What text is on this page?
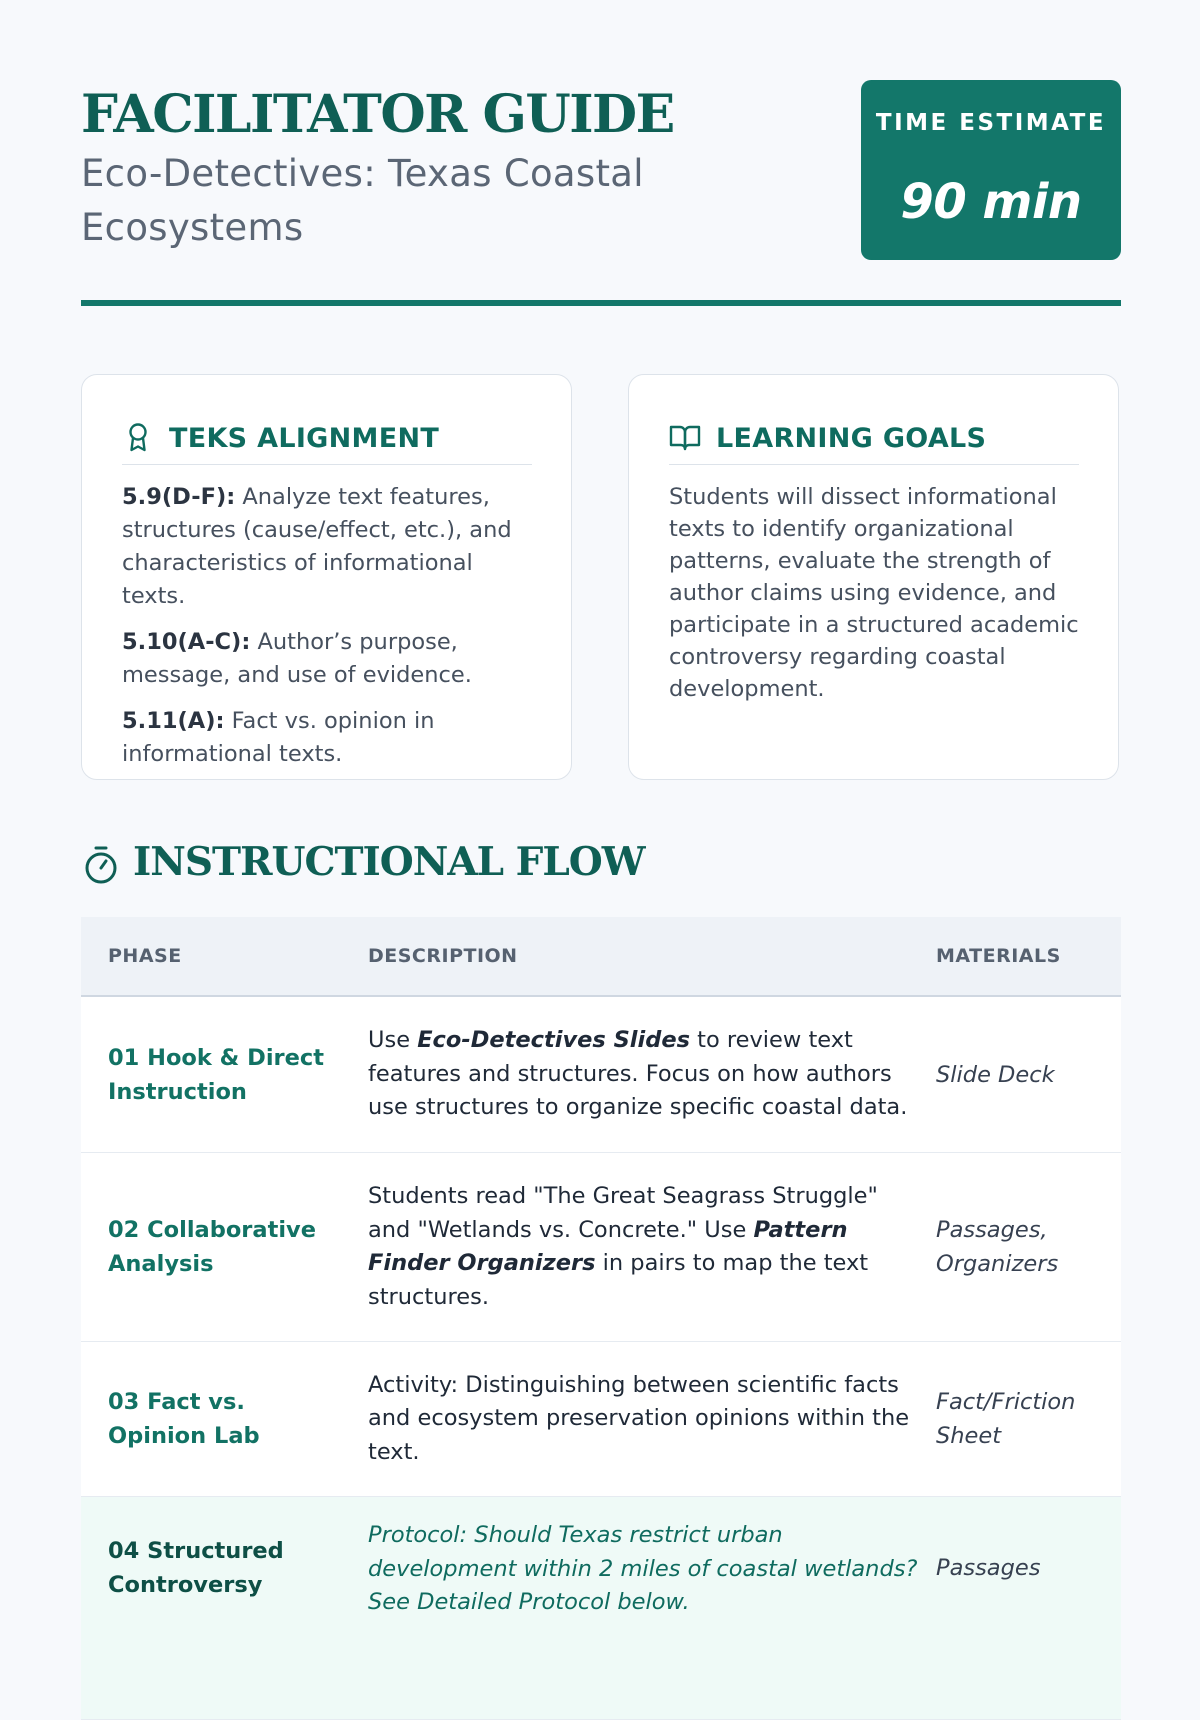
FACILITATOR GUIDE

Eco-Detectives: Texas Coastal Ecosystems

TIME ESTIMATE
90 min
TEKS ALIGNMENT
5.9(D-F): Analyze text features, structures (cause/effect, etc.), and characteristics of informational texts.
5.10(A-C): Author’s purpose, message, and use of evidence.
5.11(A): Fact vs. opinion in informational texts.
LEARNING GOALS

Students will dissect informational texts to identify organizational patterns, evaluate the strength of author claims using evidence, and participate in a structured academic controversy regarding coastal development.

INSTRUCTIONAL FLOW
PHASE	DESCRIPTION	MATERIALS
01 Hook & Direct Instruction	Use Eco-Detectives Slides to review text features and structures. Focus on how authors use structures to organize specific coastal data.	Slide Deck
02 Collaborative Analysis	Students read "The Great Seagrass Struggle" and "Wetlands vs. Concrete." Use Pattern Finder Organizers in pairs to map the text structures.	Passages, Organizers
03 Fact vs. Opinion Lab	Activity: Distinguishing between scientific facts and ecosystem preservation opinions within the text.	Fact/Friction Sheet
04 Structured Controversy	Protocol: Should Texas restrict urban development within 2 miles of coastal wetlands? See Detailed Protocol below.	Passages
